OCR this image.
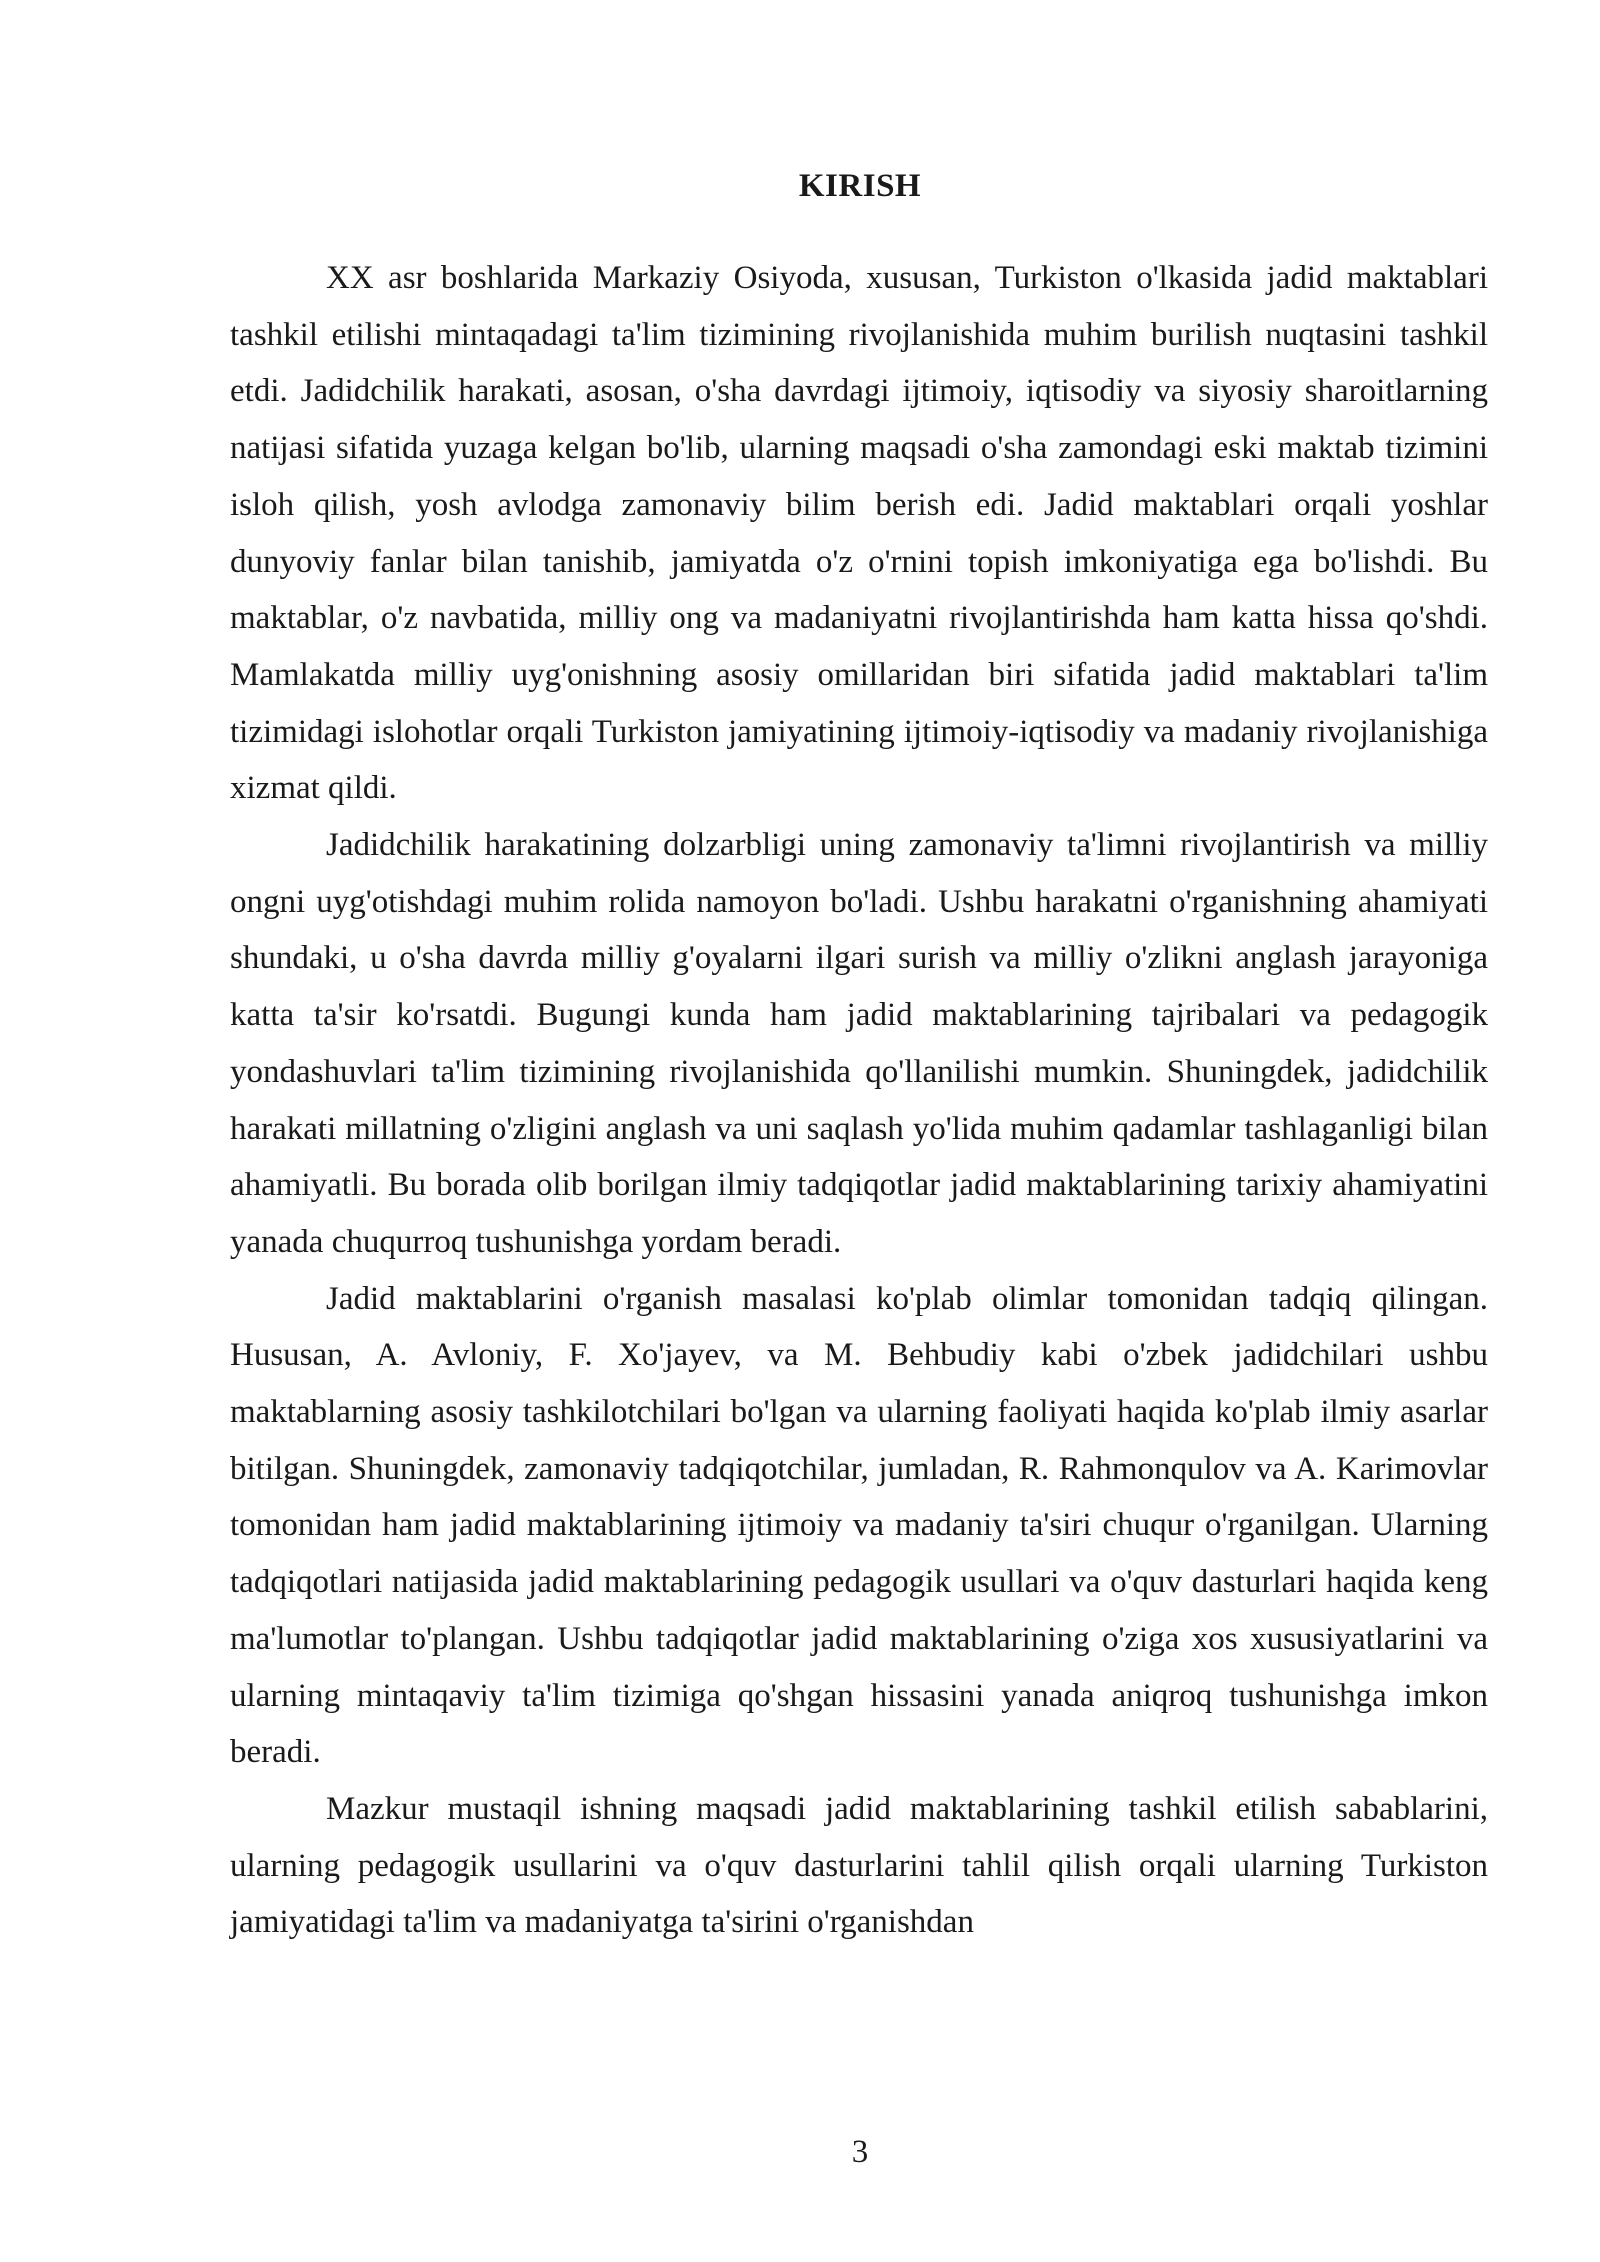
KIRISH

XX asr boshlarida Markaziy Osiyoda, xususan, Turkiston o'lkasida jadid maktablari tashkil etilishi mintaqadagi ta'lim tizimining rivojlanishida muhim burilish nuqtasini tashkil etdi. Jadidchilik harakati, asosan, o'sha davrdagi ijtimoiy, iqtisodiy va siyosiy sharoitlarning natijasi sifatida yuzaga kelgan bo'lib, ularning maqsadi o'sha zamondagi eski maktab tizimini isloh qilish, yosh avlodga zamonaviy bilim berish edi. Jadid maktablari orqali yoshlar dunyoviy fanlar bilan tanishib, jamiyatda o'z o'rnini topish imkoniyatiga ega bo'lishdi. Bu maktablar, o'z navbatida, milliy ong va madaniyatni rivojlantirishda ham katta hissa qo'shdi. Mamlakatda milliy uyg'onishning asosiy omillaridan biri sifatida jadid maktablari ta'lim tizimidagi islohotlar orqali Turkiston jamiyatining ijtimoiy-iqtisodiy va madaniy rivojlanishiga xizmat qildi.

Jadidchilik harakatining dolzarbligi uning zamonaviy ta'limni rivojlantirish va milliy ongni uyg'otishdagi muhim rolida namoyon bo'ladi. Ushbu harakatni o'rganishning ahamiyati shundaki, u o'sha davrda milliy g'oyalarni ilgari surish va milliy o'zlikni anglash jarayoniga katta ta'sir ko'rsatdi. Bugungi kunda ham jadid maktablarining tajribalari va pedagogik yondashuvlari ta'lim tizimining rivojlanishida qo'llanilishi mumkin. Shuningdek, jadidchilik harakati millatning o'zligini anglash va uni saqlash yo'lida muhim qadamlar tashlaganligi bilan ahamiyatli. Bu borada olib borilgan ilmiy tadqiqotlar jadid maktablarining tarixiy ahamiyatini yanada chuqurroq tushunishga yordam beradi.

Jadid maktablarini o'rganish masalasi ko'plab olimlar tomonidan tadqiq qilingan. Hususan, A. Avloniy, F. Xo'jayev, va M. Behbudiy kabi o'zbek jadidchilari ushbu maktablarning asosiy tashkilotchilari bo'lgan va ularning faoliyati haqida ko'plab ilmiy asarlar bitilgan. Shuningdek, zamonaviy tadqiqotchilar, jumladan, R. Rahmonqulov va A. Karimovlar tomonidan ham jadid maktablarining ijtimoiy va madaniy ta'siri chuqur o'rganilgan. Ularning tadqiqotlari natijasida jadid maktablarining pedagogik usullari va o'quv dasturlari haqida keng ma'lumotlar to'plangan. Ushbu tadqiqotlar jadid maktablarining o'ziga xos xususiyatlarini va ularning mintaqaviy ta'lim tizimiga qo'shgan hissasini yanada aniqroq tushunishga imkon beradi.

Mazkur mustaqil ishning maqsadi jadid maktablarining tashkil etilish sabablarini, ularning pedagogik usullarini va o'quv dasturlarini tahlil qilish orqali ularning Turkiston jamiyatidagi ta'lim va madaniyatga ta'sirini o'rganishdan

3
